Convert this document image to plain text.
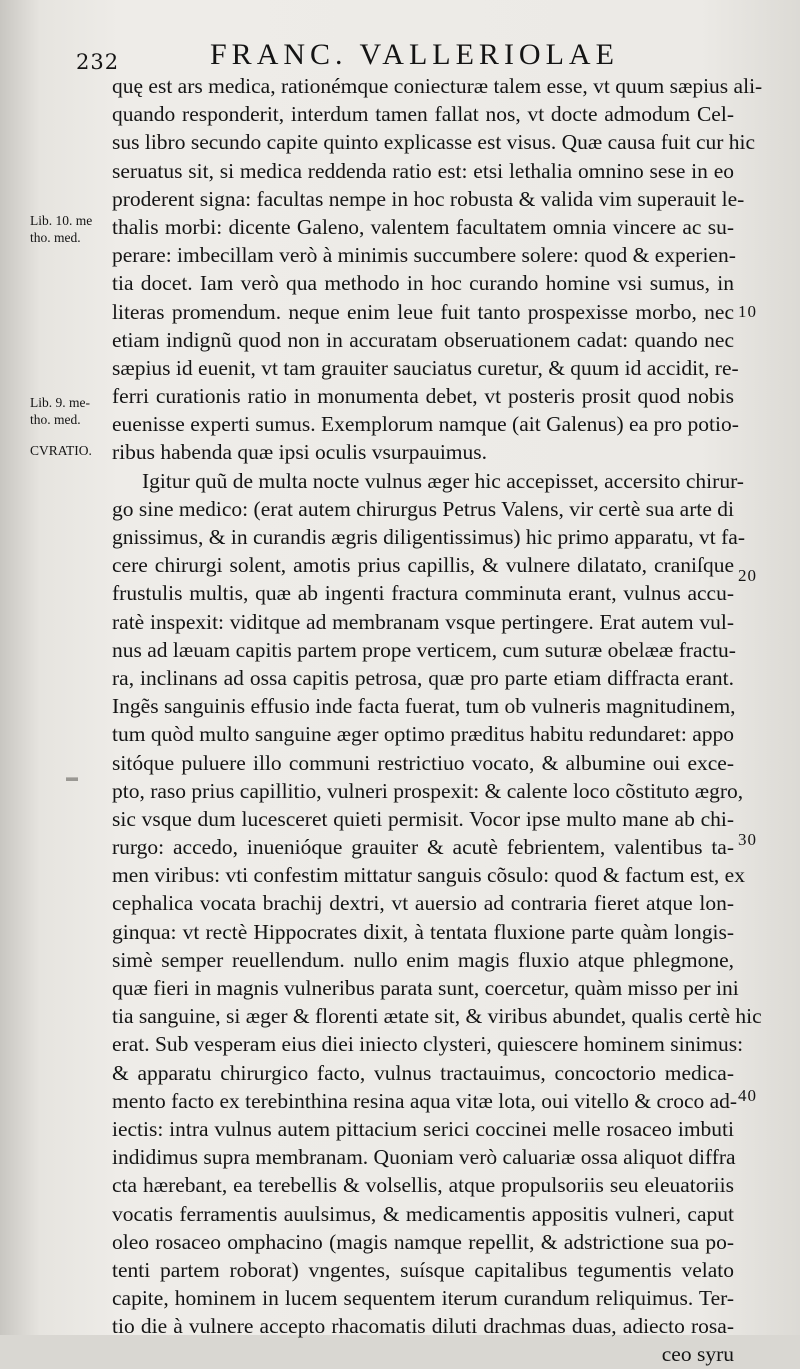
232	FRANC. VALLERIOLAE
▬
Lib. 10. me tho. med.
Lib. 9. me- tho. med.
CVRATIO.
10
20
30
40
quę est ars medica, rationémque coniecturæ talem esse, vt quum sæpius ali-
quando responderit, interdum tamen fallat nos, vt docte admodum Cel-
sus libro secundo capite quinto explicasse est visus. Quæ causa fuit cur hic
seruatus sit, si medica reddenda ratio est: etsi lethalia omnino sese in eo
proderent signa: facultas nempe in hoc robusta & valida vim superauit le-
thalis morbi: dicente Galeno, valentem facultatem omnia vincere ac su-
perare: imbecillam verò à minimis succumbere solere: quod & experien-
tia docet. Iam verò qua methodo in hoc curando homine vsi sumus, in
literas promendum. neque enim leue fuit tanto prospexisse morbo, nec
etiam indignũ quod non in accuratam obseruationem cadat: quando nec
sæpius id euenit, vt tam grauiter sauciatus curetur, & quum id accidit, re-
ferri curationis ratio in monumenta debet, vt posteris prosit quod nobis
euenisse experti sumus. Exemplorum namque (ait Galenus) ea pro potio-
ribus habenda quæ ipsi oculis vsurpauimus.
Igitur quũ de multa nocte vulnus æger hic accepisset, accersito chirur-
go sine medico: (erat autem chirurgus Petrus Valens, vir certè sua arte di
gnissimus, & in curandis ægris diligentissimus) hic primo apparatu, vt fa-
cere chirurgi solent, amotis prius capillis, & vulnere dilatato, craniſque
frustulis multis, quæ ab ingenti fractura comminuta erant, vulnus accu-
ratè inspexit: viditque ad membranam vsque pertingere. Erat autem vul-
nus ad læuam capitis partem prope verticem, cum suturæ obelææ fractu-
ra, inclinans ad ossa capitis petrosa, quæ pro parte etiam diffracta erant.
Ingẽs sanguinis effusio inde facta fuerat, tum ob vulneris magnitudinem,
tum quòd multo sanguine æger optimo præditus habitu redundaret: appo
sitóque puluere illo communi restrictiuo vocato, & albumine oui exce-
pto, raso prius capillitio, vulneri prospexit: & calente loco cõstituto ægro,
sic vsque dum lucesceret quieti permisit. Vocor ipse multo mane ab chi-
rurgo: accedo, inuenióque grauiter & acutè febrientem, valentibus ta-
men viribus: vti confestim mittatur sanguis cõsulo: quod & factum est, ex
cephalica vocata brachij dextri, vt auersio ad contraria fieret atque lon-
ginqua: vt rectè Hippocrates dixit, à tentata fluxione parte quàm longis-
simè semper reuellendum. nullo enim magis fluxio atque phlegmone,
quæ fieri in magnis vulneribus parata sunt, coercetur, quàm misso per ini
tia sanguine, si æger & florenti ætate sit, & viribus abundet, qualis certè hic
erat. Sub vesperam eius diei iniecto clysteri, quiescere hominem sinimus:
& apparatu chirurgico facto, vulnus tractauimus, concoctorio medica-
mento facto ex terebinthina resina aqua vitæ lota, oui vitello & croco ad-
iectis: intra vulnus autem pittacium serici coccinei melle rosaceo imbuti
indidimus supra membranam. Quoniam verò caluariæ ossa aliquot diffra
cta hærebant, ea terebellis & volsellis, atque propulsoriis seu eleuatoriis
vocatis ferramentis auulsimus, & medicamentis appositis vulneri, caput
oleo rosaceo omphacino (magis namque repellit, & adstrictione sua po-
tenti partem roborat) vngentes, suísque capitalibus tegumentis velato
capite, hominem in lucem sequentem iterum curandum reliquimus. Ter-
tio die à vulnere accepto rhacomatis diluti drachmas duas, adiecto rosa-
ceo syru
